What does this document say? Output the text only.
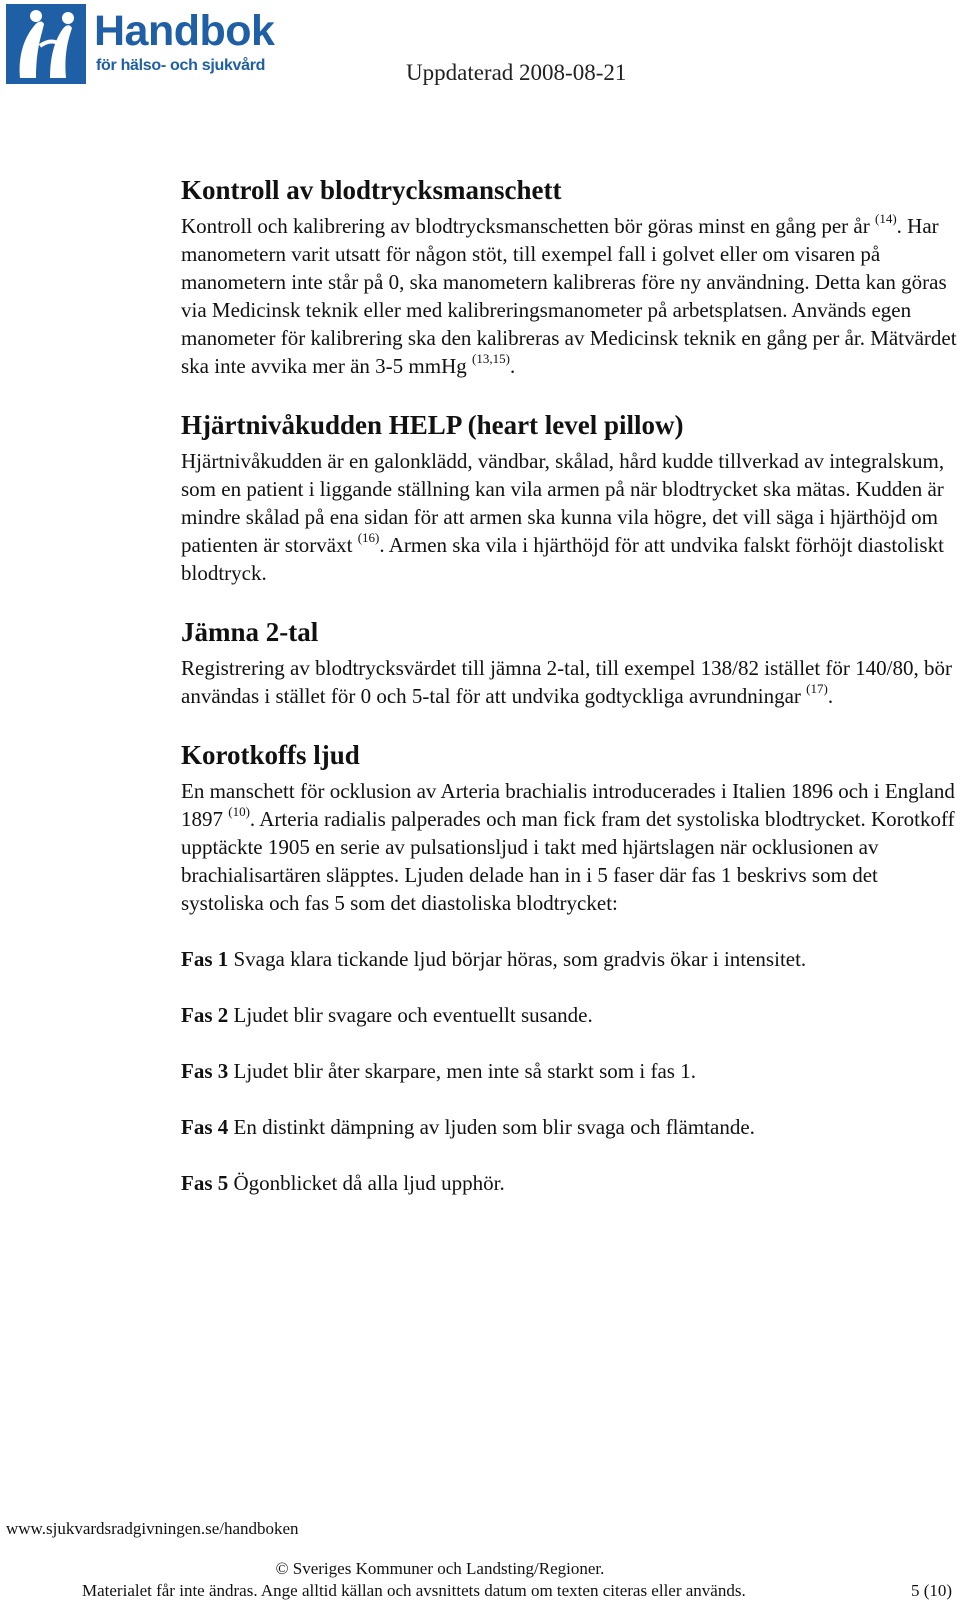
Handbok
för hälso- och sjukvård	Uppdaterad 2008-08-21
Kontroll av blodtrycksmanschett

Kontroll och kalibrering av blodtrycksmanschetten bör göras minst en gång per år $^{(14)}$. Har manometern varit utsatt för någon stöt, till exempel fall i golvet eller om visaren på manometern inte står på 0, ska manometern kalibreras före ny användning. Detta kan göras via Medicinsk teknik eller med kalibreringsmanometer på arbetsplatsen. Används egen manometer för kalibrering ska den kalibreras av Medicinsk teknik en gång per år. Mätvärdet ska inte avvika mer än 3-5 mmHg $^{(13,15)}$.

Hjärtnivåkudden HELP (heart level pillow)

Hjärtnivåkudden är en galonklädd, vändbar, skålad, hård kudde tillverkad av integralskum, som en patient i liggande ställning kan vila armen på när blodtrycket ska mätas. Kudden är mindre skålad på ena sidan för att armen ska kunna vila högre, det vill säga i hjärthöjd om patienten är storväxt $^{(16)}$. Armen ska vila i hjärthöjd för att undvika falskt förhöjt diastoliskt blodtryck.

Jämna 2-tal

Registrering av blodtrycksvärdet till jämna 2-tal, till exempel 138/82 istället för 140/80, bör användas i stället för 0 och 5-tal för att undvika godtyckliga avrundningar $^{(17)}$.

Korotkoffs ljud

En manschett för ocklusion av Arteria brachialis introducerades i Italien 1896 och i England 1897 $^{(10)}$. Arteria radialis palperades och man fick fram det systoliska blodtrycket. Korotkoff upptäckte 1905 en serie av pulsationsljud i takt med hjärtslagen när ocklusionen av brachialisartären släpptes. Ljuden delade han in i 5 faser där fas 1 beskrivs som det systoliska och fas 5 som det diastoliska blodtrycket:

Fas 1 Svaga klara tickande ljud börjar höras, som gradvis ökar i intensitet.

Fas 2 Ljudet blir svagare och eventuellt susande.

Fas 3 Ljudet blir åter skarpare, men inte så starkt som i fas 1.

Fas 4 En distinkt dämpning av ljuden som blir svaga och flämtande.

Fas 5 Ögonblicket då alla ljud upphör.

www.sjukvardsradgivningen.se/handboken
© Sveriges Kommuner och Landsting/Regioner.
Materialet får inte ändras. Ange alltid källan och avsnittets datum om texten citeras eller används.	5 (10)
